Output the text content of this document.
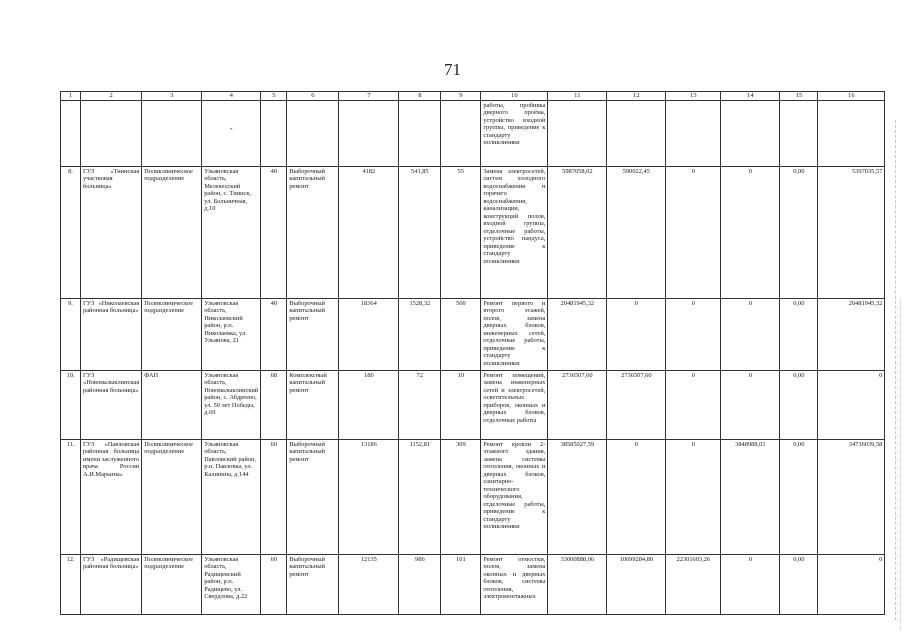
71
1	2	3	4	5	6	7	8	9	10	11	12	13	14	15	16

			-						работы, пробивка дверного проёма, устройство входной группы, приведение к стандарту поликлиники						
8.	ГУЗ «Тиинская участковая больница»	Поликлиническое подразделение	Ульяновская область, Мелекесский район, с. Тиинск, ул. Больничная, д.10	40	Выборочный капитальный ремонт	4182	541,85	55	Замена электросетей, систем холодного водоснабжения и горячего водоснабжения, канализации, конструкций полов, входной группы, отделочные работы, устройство пандуса, приведение к стандарту поликлиники	5987058,02	590022,45	0	0	0,00	5397035,57
9.	ГУЗ «Николаевская районная больница»	Поликлиническое подразделение	Ульяновская область, Николаевский район, р.п. Николаевка, ул. Ульянова, 21	40	Выборочный капитальный ремонт	18364	1528,32	500	Ремонт первого и второго этажей, полов, замена дверных блоков, инженерных сетей, отделочные работы, приведение к стандарту поликлиники	20481945,32	0	0	0	0,00	20481945,32
10.	ГУЗ «Новомалыклинская районная больница»	ФАП	Ульяновская область, Новомалыклинский район, с. Абдреево, ул. 50 лет Победы, д.69	68	Комплексный капитальный ремонт	180	72	10	Ремонт помещений, замена инженерных сетей и электросетей, осветительных приборов, оконных и дверных блоков, отделочные работы	2736507,60	2736507,60	0	0	0,00	0
11.	ГУЗ «Павловская районная больница имени заслуженного врача России А.И.Марьина»	Поликлиническое подразделение	Ульяновская область, Павловский район, р.п. Павловка, ул. Калинина, д.144	60	Выборочный капитальный ремонт	13186	1152,81	309	Ремонт кровли 2-этажного здания, замена системы отопления, оконных и дверных блоков, санитарно-технического оборудования, отделочные работы, приведение к стандарту поликлиники	38585027,59	0	0	3848988,01	0,00	34736039,58
12.	ГУЗ «Радищевская районная больница»	Поликлиническое подразделение	Ульяновская область, Радищевский район, р.п. Радищево, ул. Свердлова, д.22	60	Выборочный капитальный ремонт	12135	986	101	Ремонт отмостки, полов, замена оконных и дверных блоков, системы отопления, электромонтажных	33000888,06	10699284,80	22301603,26	0	0,00	0
